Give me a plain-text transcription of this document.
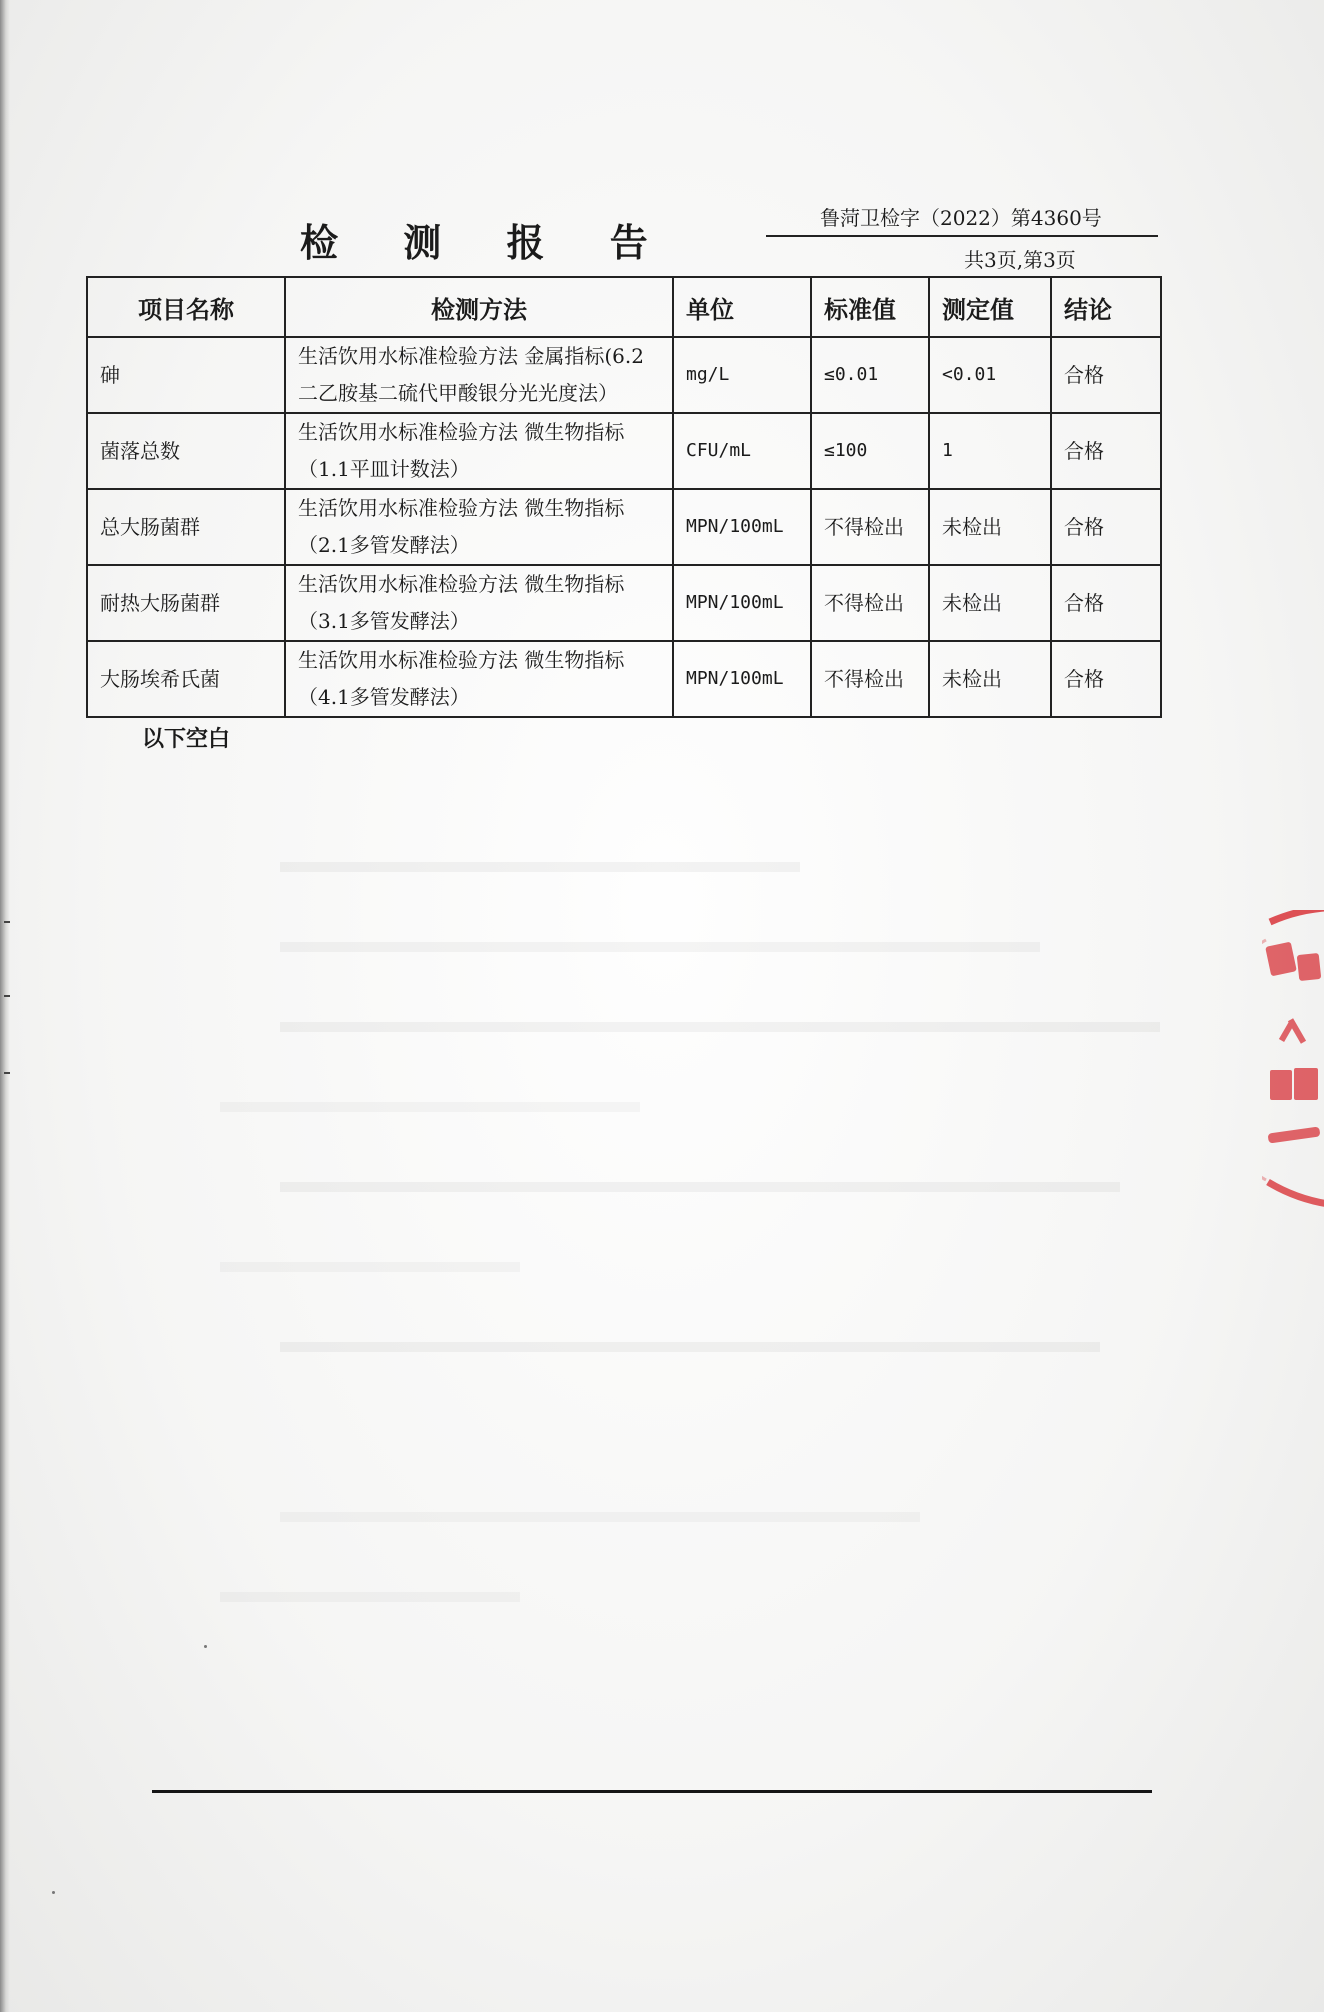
检 测 报 告
鲁菏卫检字（2022）第4360号
共3页,第3页
项目名称	检测方法	单位	标准值	测定值	结论
砷	生活饮用水标准检验方法 金属指标(6.2
二乙胺基二硫代甲酸银分光光度法）	mg/L	≤0.01	<0.01	合格
菌落总数	生活饮用水标准检验方法 微生物指标
（1.1平皿计数法）	CFU/mL	≤100	1	合格
总大肠菌群	生活饮用水标准检验方法 微生物指标
（2.1多管发酵法）	MPN/100mL	不得检出	未检出	合格
耐热大肠菌群	生活饮用水标准检验方法 微生物指标
（3.1多管发酵法）	MPN/100mL	不得检出	未检出	合格
大肠埃希氏菌	生活饮用水标准检验方法 微生物指标
（4.1多管发酵法）	MPN/100mL	不得检出	未检出	合格
以下空白
